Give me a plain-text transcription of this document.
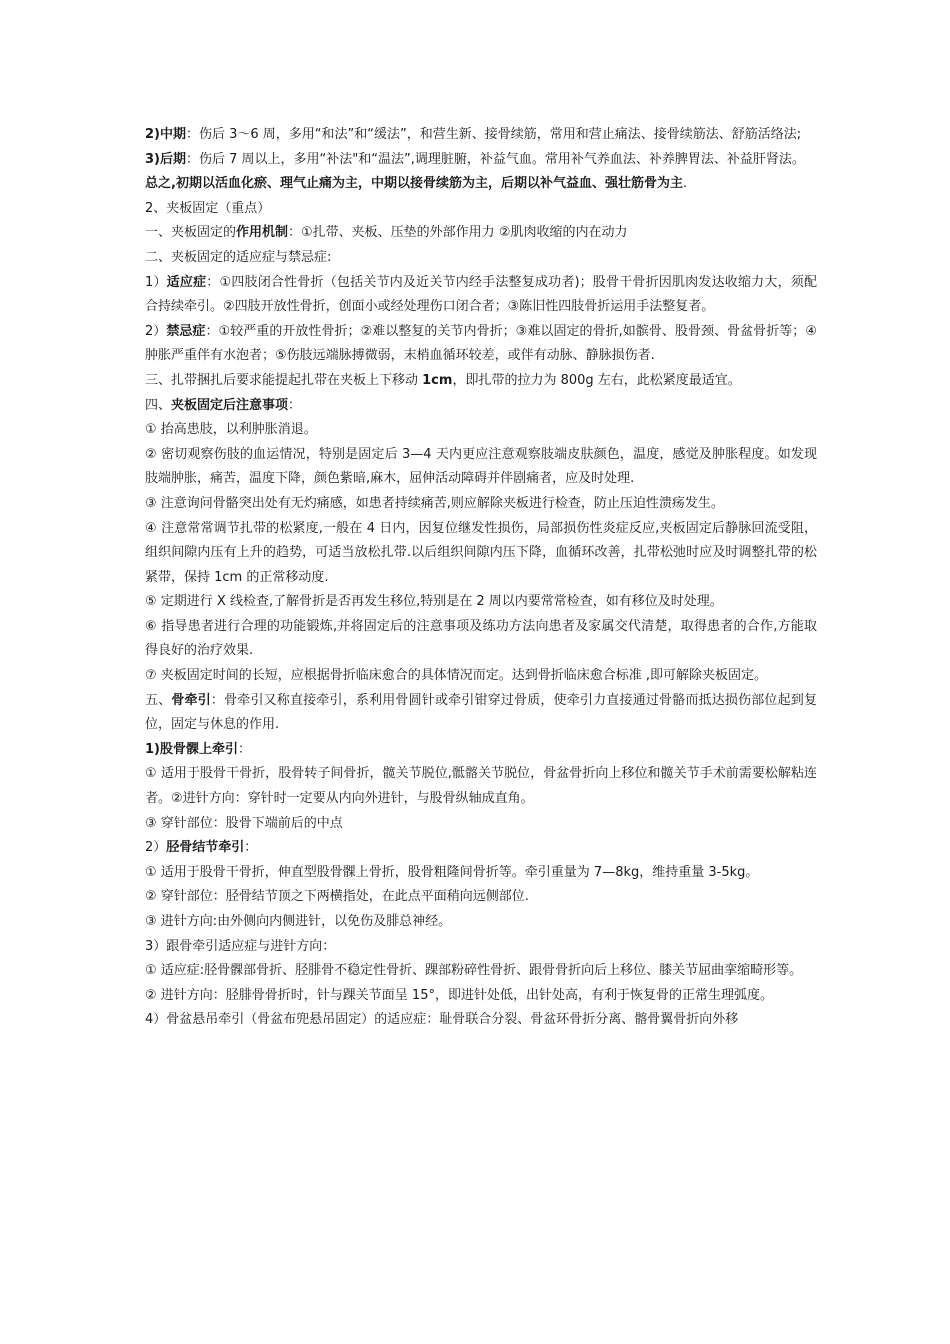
2)中期：伤后 3～6 周，多用“和法”和“缓法”，和营生新、接骨续筋，常用和营止痛法、接骨续筋法、舒筋活络法;

3)后期：伤后 7 周以上，多用“补法"和“温法”,调理脏腑，补益气血。常用补气养血法、补养脾胃法、补益肝肾法。

总之,初期以活血化瘀、理气止痛为主，中期以接骨续筋为主，后期以补气益血、强壮筋骨为主.

2、夹板固定（重点）

一、夹板固定的作用机制：①扎带、夹板、压垫的外部作用力 ②肌肉收缩的内在动力

二、夹板固定的适应症与禁忌症:

1）适应症：①四肢闭合性骨折（包括关节内及近关节内经手法整复成功者)；股骨干骨折因肌肉发达收缩力大，须配合持续牵引。②四肢开放性骨折，创面小或经处理伤口闭合者；③陈旧性四肢骨折运用手法整复者。

2）禁忌症：①较严重的开放性骨折；②难以整复的关节内骨折；③难以固定的骨折,如髌骨、股骨颈、骨盆骨折等；④肿胀严重伴有水泡者；⑤伤肢远端脉搏微弱，末梢血循环较差，或伴有动脉、静脉损伤者.

三、扎带捆扎后要求能提起扎带在夹板上下移动 1cm，即扎带的拉力为 800g 左右，此松紧度最适宜。

四、夹板固定后注意事项：

① 抬高患肢，以利肿胀消退。

② 密切观察伤肢的血运情况，特别是固定后 3—4 天内更应注意观察肢端皮肤颜色，温度，感觉及肿胀程度。如发现肢端肿胀，痛苦，温度下降，颜色紫暗,麻木，屈伸活动障碍并伴剧痛者，应及时处理.

③ 注意询问骨骼突出处有无灼痛感，如患者持续痛苦,则应解除夹板进行检查，防止压迫性溃疡发生。

④ 注意常常调节扎带的松紧度,一般在 4 日内，因复位继发性损伤，局部损伤性炎症反应,夹板固定后静脉回流受阻，组织间隙内压有上升的趋势，可适当放松扎带.以后组织间隙内压下降，血循环改善，扎带松弛时应及时调整扎带的松紧带，保持 1cm 的正常移动度.

⑤ 定期进行 X 线检查,了解骨折是否再发生移位,特别是在 2 周以内要常常检查，如有移位及时处理。

⑥ 指导患者进行合理的功能锻炼,并将固定后的注意事项及练功方法向患者及家属交代清楚，取得患者的合作,方能取得良好的治疗效果.

⑦ 夹板固定时间的长短，应根据骨折临床愈合的具体情况而定。达到骨折临床愈合标准 ,即可解除夹板固定。

五、骨牵引：骨牵引又称直接牵引，系利用骨圆针或牵引钳穿过骨质，使牵引力直接通过骨骼而抵达损伤部位起到复位，固定与休息的作用.

1)股骨髁上牵引：

① 适用于股骨干骨折，股骨转子间骨折，髋关节脱位,骶髂关节脱位，骨盆骨折向上移位和髋关节手术前需要松解粘连者。②进针方向：穿针时一定要从内向外进针，与股骨纵轴成直角。

③ 穿针部位：股骨下端前后的中点

2）胫骨结节牵引：

① 适用于股骨干骨折，伸直型股骨髁上骨折，股骨粗隆间骨折等。牵引重量为 7—8kg，维持重量 3-5kg。

② 穿针部位：胫骨结节顶之下两横指处，在此点平面稍向远侧部位.

③ 进针方向:由外侧向内侧进针，以免伤及腓总神经。

3）跟骨牵引适应症与进针方向：

① 适应症:胫骨髁部骨折、胫腓骨不稳定性骨折、踝部粉碎性骨折、跟骨骨折向后上移位、膝关节屈曲挛缩畸形等。

② 进针方向：胫腓骨骨折时，针与踝关节面呈 15°，即进针处低，出针处高，有利于恢复骨的正常生理弧度。

4）骨盆悬吊牵引（骨盆布兜悬吊固定）的适应症：耻骨联合分裂、骨盆环骨折分离、髂骨翼骨折向外移
